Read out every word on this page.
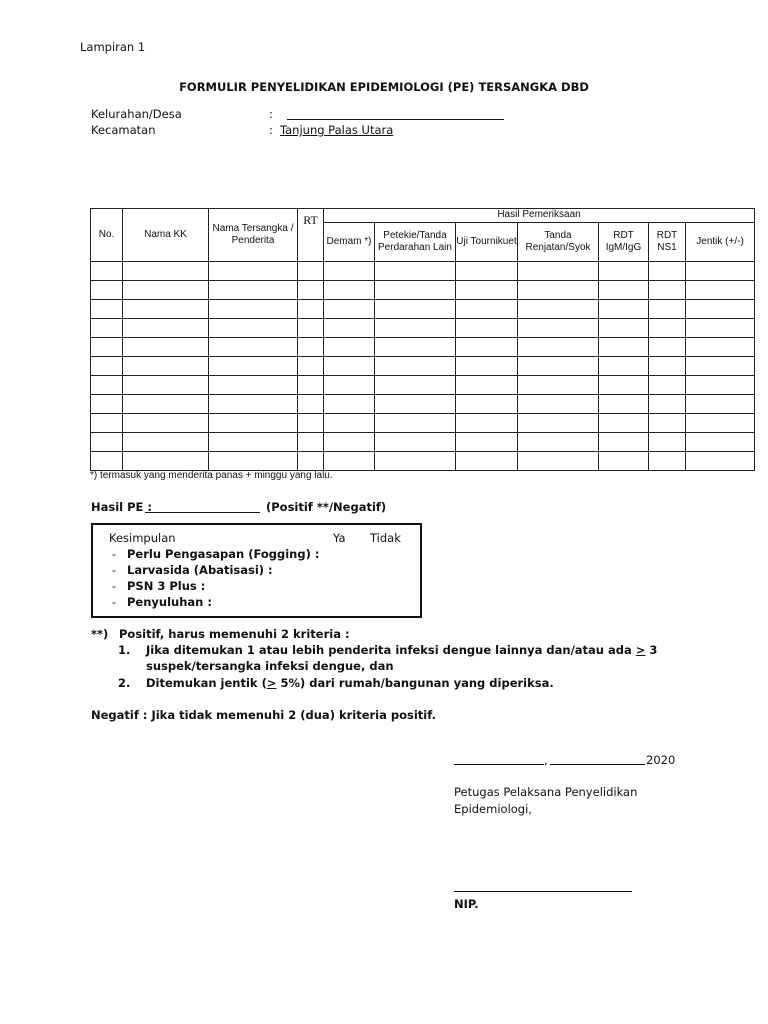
Lampiran 1
FORMULIR PENYELIDIKAN EPIDEMIOLOGI (PE) TERSANGKA DBD
Kelurahan/Desa	:
Kecamatan	: Tanjung Palas Utara
No.	Nama KK	Nama Tersangka / Penderita	RT	Hasil Pemeriksaan						
				Demam *)	Petekie/Tanda Perdarahan Lain	Uji Tournikuet	Tanda Renjatan/Syok	RDT IgM/IgG	RDT NS1	Jentik (+/-)

*) termasuk yang menderita panas + minggu yang lalu.
Hasil PE :	(Positif **/Negatif)
Kesimpulan	Ya Tidak
- Perlu Pengasapan (Fogging) :
- Larvasida (Abatisasi) :
- PSN 3 Plus :
- Penyuluhan :
**) Positif, harus memenuhi 2 kriteria :
1. Jika ditemukan 1 atau lebih penderita infeksi dengue lainnya dan/atau ada ≥ 3
suspek/tersangka infeksi dengue, dan
2. Ditemukan jentik (≥ 5%) dari rumah/bangunan yang diperiksa.
Negatif : Jika tidak memenuhi 2 (dua) kriteria positif.
,	2020
Petugas Pelaksana Penyelidikan
Epidemiologi,
NIP.
